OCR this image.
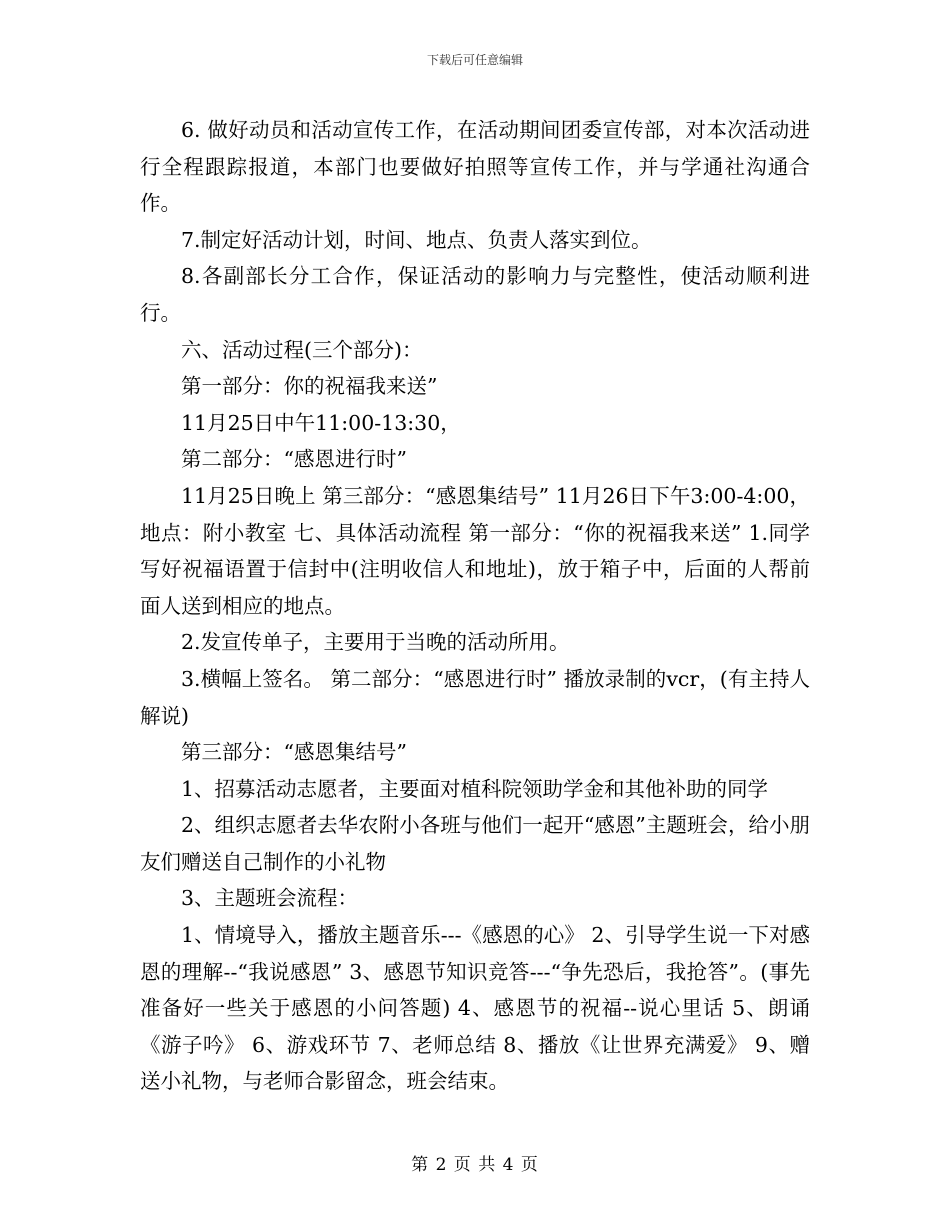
下载后可任意编辑

6. 做好动员和活动宣传工作，在活动期间团委宣传部，对本次活动进行全程跟踪报道，本部门也要做好拍照等宣传工作，并与学通社沟通合作。

7.制定好活动计划，时间、地点、负责人落实到位。

8.各副部长分工合作，保证活动的影响力与完整性，使活动顺利进行。

六、活动过程(三个部分)：

第一部分：你的祝福我来送”

11月25日中午11:00-13:30，

第二部分：“感恩进行时”

11月25日晚上 第三部分：“感恩集结号” 11月26日下午3:00-4:00，地点：附小教室 七、具体活动流程 第一部分：“你的祝福我来送” 1.同学写好祝福语置于信封中(注明收信人和地址)，放于箱子中，后面的人帮前面人送到相应的地点。

2.发宣传单子，主要用于当晚的活动所用。

3.横幅上签名。 第二部分：“感恩进行时” 播放录制的vcr，(有主持人解说)

第三部分：“感恩集结号”

1、招募活动志愿者，主要面对植科院领助学金和其他补助的同学

2、组织志愿者去华农附小各班与他们一起开“感恩”主题班会，给小朋友们赠送自己制作的小礼物

3、主题班会流程：

1、情境导入，播放主题音乐---《感恩的心》 2、引导学生说一下对感恩的理解--“我说感恩” 3、感恩节知识竞答---“争先恐后，我抢答”。(事先准备好一些关于感恩的小问答题) 4、感恩节的祝福--说心里话 5、朗诵《游子吟》 6、游戏环节 7、老师总结 8、播放《让世界充满爱》 9、赠送小礼物，与老师合影留念，班会结束。

第 2 页 共 4 页
